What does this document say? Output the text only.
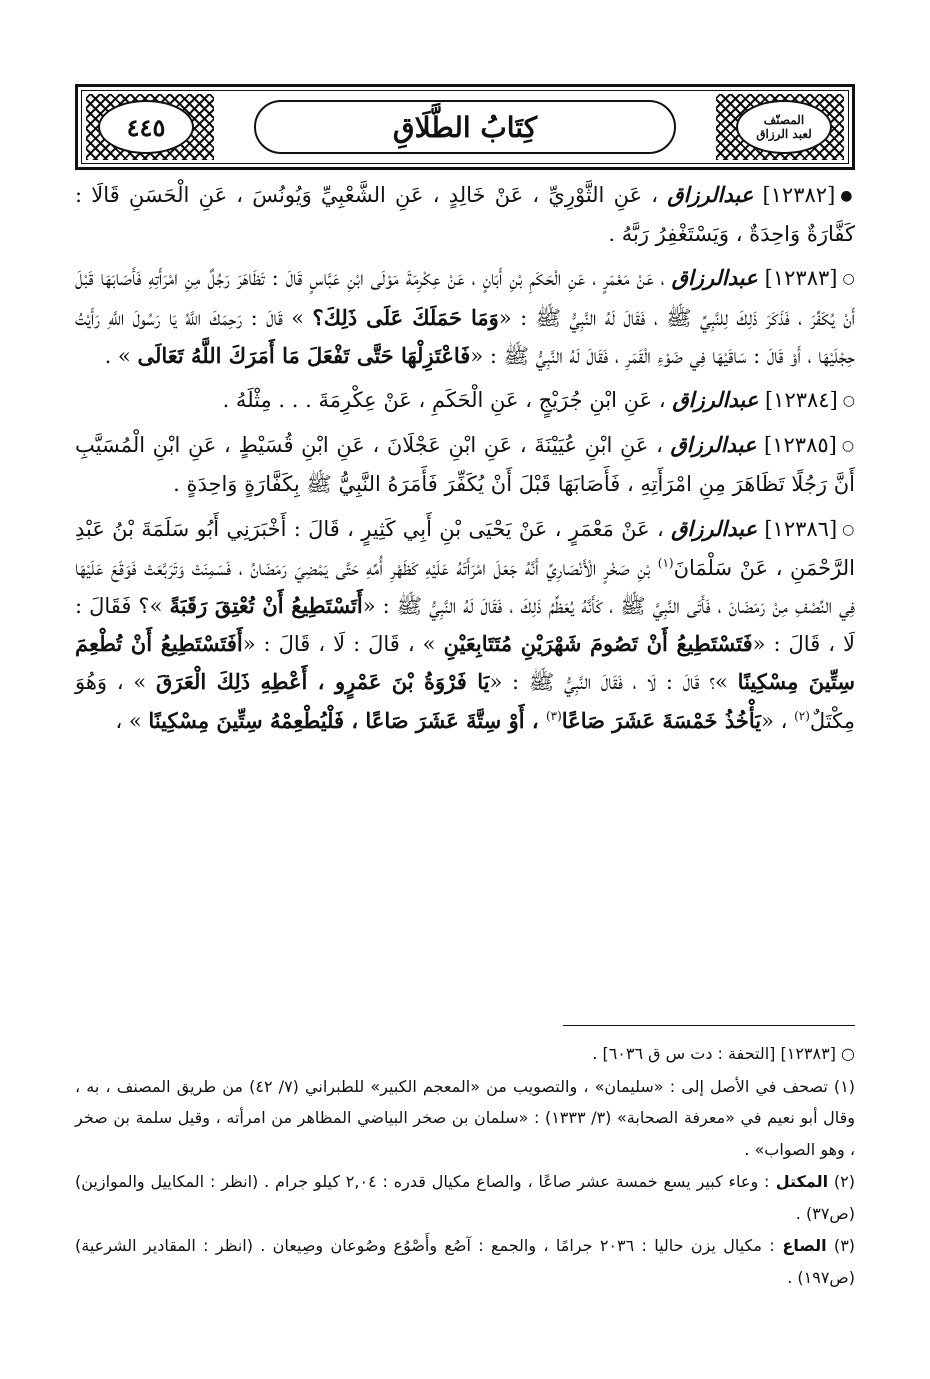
٤٤٥	كِتَابُ الطَّلَاقِ	المصنّف
لعبد الرزاق

●[١٢٣٨٢] عبدالرزاق ، عَنِ الثَّوْرِيِّ ، عَنْ خَالِدٍ ، عَنِ الشَّعْبِيِّ وَيُونُسَ ، عَنِ الْحَسَنِ قَالَا : كَفَّارَةٌ وَاحِدَةٌ ، وَيَسْتَغْفِرُ رَبَّهُ .

○[١٢٣٨٣] عبدالرزاق ، عَنْ مَعْمَرٍ ، عَنِ الْحَكَمِ بْنِ أَبَانٍ ، عَنْ عِكْرِمَةَ مَوْلَى ابْنِ عَبَّاسٍ قَالَ : تَظَاهَرَ رَجُلٌ مِنِ امْرَأَتِهِ فَأَصَابَهَا قَبْلَ أَنْ يُكَفِّرَ ، فَذَكَرَ ذَلِكَ لِلنَّبِيِّ ﷺ ، فَقَالَ لَهُ النَّبِيُّ ﷺ : «وَمَا حَمَلَكَ عَلَى ذَلِكَ؟ » قَالَ : رَحِمَكَ اللَّهُ يَا رَسُولَ اللَّهِ رَأَيْتُ حِجْلَيْهَا ، أَوْ قَالَ : سَاقَيْهَا فِي ضَوْءِ الْقَمَرِ ، فَقَالَ لَهُ النَّبِيُّ ﷺ : «فَاعْتَزِلْهَا حَتَّى تَفْعَلَ مَا أَمَرَكَ اللَّهُ تَعَالَى » .

○[١٢٣٨٤] عبدالرزاق ، عَنِ ابْنِ جُرَيْجٍ ، عَنِ الْحَكَمِ ، عَنْ عِكْرِمَةَ . . . مِثْلَهُ .

○[١٢٣٨٥] عبدالرزاق ، عَنِ ابْنِ عُيَيْنَةَ ، عَنِ ابْنِ عَجْلَانَ ، عَنِ ابْنِ قُسَيْطٍ ، عَنِ ابْنِ الْمُسَيَّبِ أَنَّ رَجُلًا تَظَاهَرَ مِنِ امْرَأَتِهِ ، فَأَصَابَهَا قَبْلَ أَنْ يُكَفِّرَ فَأَمَرَهُ النَّبِيُّ ﷺ بِكَفَّارَةٍ وَاحِدَةٍ .

○[١٢٣٨٦] عبدالرزاق ، عَنْ مَعْمَرٍ ، عَنْ يَحْيَى بْنِ أَبِي كَثِيرٍ ، قَالَ : أَخْبَرَنِي أَبُو سَلَمَةَ بْنُ عَبْدِ الرَّحْمَنِ ، عَنْ سَلْمَانَ$^{(١)}$ بْنِ صَخْرٍ الْأَنْصَارِيِّ أَنَّهُ جَعَلَ امْرَأَتَهُ عَلَيْهِ كَظَهْرِ أُمِّهِ حَتَّى يَمْضِيَ رَمَضَانُ ، فَسَمِنَتْ وَتَرَبَّعَتْ فَوَقَعَ عَلَيْهَا فِي النِّصْفِ مِنْ رَمَضَانَ ، فَأَتَى النَّبِيَّ ﷺ ، كَأَنَّهُ يُعَظِّمُ ذَلِكَ ، فَقَالَ لَهُ النَّبِيُّ ﷺ : «أَتَسْتَطِيعُ أَنْ تُعْتِقَ رَقَبَةً »؟ فَقَالَ : لَا ، قَالَ : «فَتَسْتَطِيعُ أَنْ تَصُومَ شَهْرَيْنِ مُتَتَابِعَيْنِ » ، قَالَ : لَا ، قَالَ : «أَفَتَسْتَطِيعُ أَنْ تُطْعِمَ سِتِّينَ مِسْكِينًا »؟ قَالَ : لَا ، فَقَالَ النَّبِيُّ ﷺ : «يَا فَرْوَةُ بْنَ عَمْرٍو ، أَعْطِهِ ذَلِكَ الْعَرَقَ » ، وَهُوَ مِكْتَلٌ$^{(٢)}$ ، «يَأْخُذُ خَمْسَةَ عَشَرَ صَاعًا$^{(٣)}$ ، أَوْ سِتَّةَ عَشَرَ صَاعًا ، فَلْيُطْعِمْهُ سِتِّينَ مِسْكِينًا » ،

○ [١٢٣٨٣] [التحفة : دت س ق ٦٠٣٦] .

(١) تصحف في الأصل إلى : «سليمان» ، والتصويب من «المعجم الكبير» للطبراني (٧/ ٤٢) من طريق المصنف ، به ، وقال أبو نعيم في «معرفة الصحابة» (٣/ ١٣٣٣) : «سلمان بن صخر البياضي المظاهر من امرأته ، وقيل سلمة بن صخر ، وهو الصواب» .

(٢) المكتل : وعاء كبير يسع خمسة عشر صاعًا ، والصاع مكيال قدره : ٢,٠٤ كيلو جرام . (انظر : المكاييل والموازين) (ص٣٧) .

(٣) الصاع : مكيال يزن حاليا : ٢٠٣٦ جرامًا ، والجمع : آصُع وأَصْوُع وصُوعان وصِيعان . (انظر : المقادير الشرعية) (ص١٩٧) .
